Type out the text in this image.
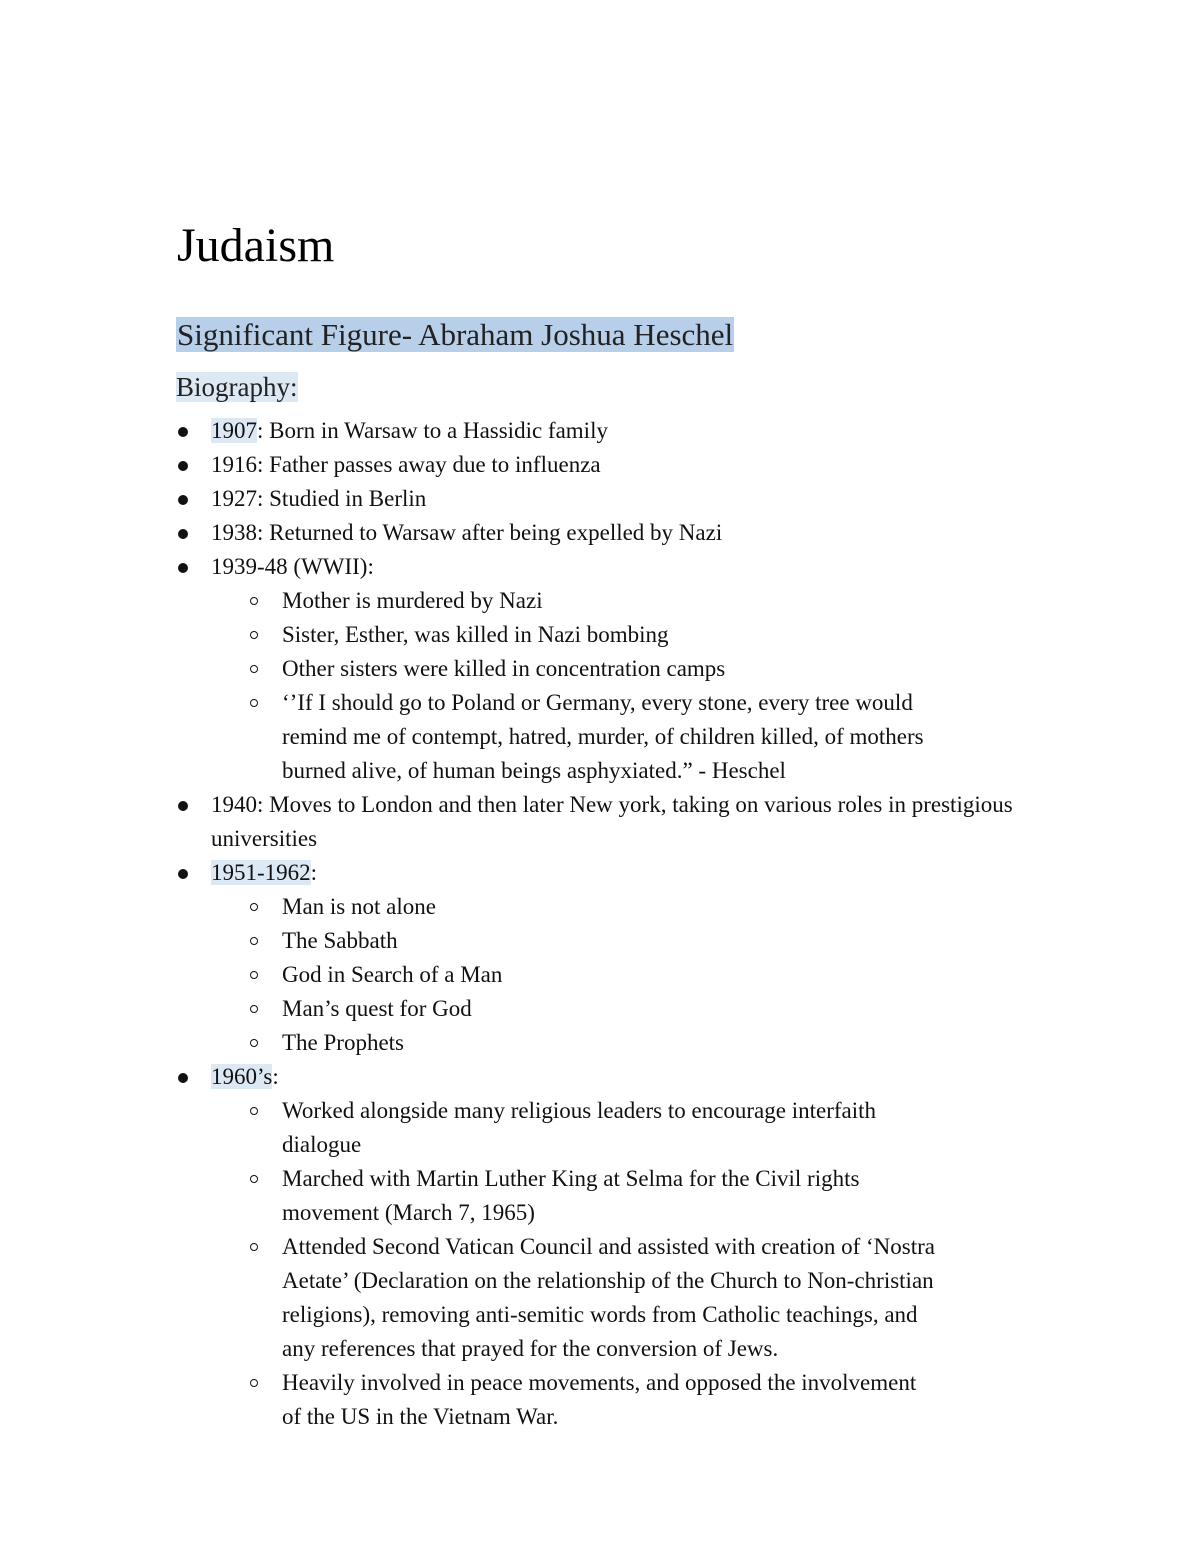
Judaism
Significant Figure- Abraham Joshua Heschel
Biography:
1907: Born in Warsaw to a Hassidic family
1916: Father passes away due to influenza
1927: Studied in Berlin
1938: Returned to Warsaw after being expelled by Nazi
1939-48 (WWII):
Mother is murdered by Nazi
Sister, Esther, was killed in Nazi bombing
Other sisters were killed in concentration camps
‘’If I should go to Poland or Germany, every stone, every tree would remind me of contempt, hatred, murder, of children killed, of mothers burned alive, of human beings asphyxiated.” - Heschel
1940: Moves to London and then later New york, taking on various roles in prestigious universities
1951-1962:
Man is not alone
The Sabbath
God in Search of a Man
Man’s quest for God
The Prophets
1960’s:
Worked alongside many religious leaders to encourage interfaith dialogue
Marched with Martin Luther King at Selma for the Civil rights movement (March 7, 1965)
Attended Second Vatican Council and assisted with creation of ‘Nostra Aetate’ (Declaration on the relationship of the Church to Non-christian religions), removing anti-semitic words from Catholic teachings, and any references that prayed for the conversion of Jews.
Heavily involved in peace movements, and opposed the involvement of the US in the Vietnam War.
